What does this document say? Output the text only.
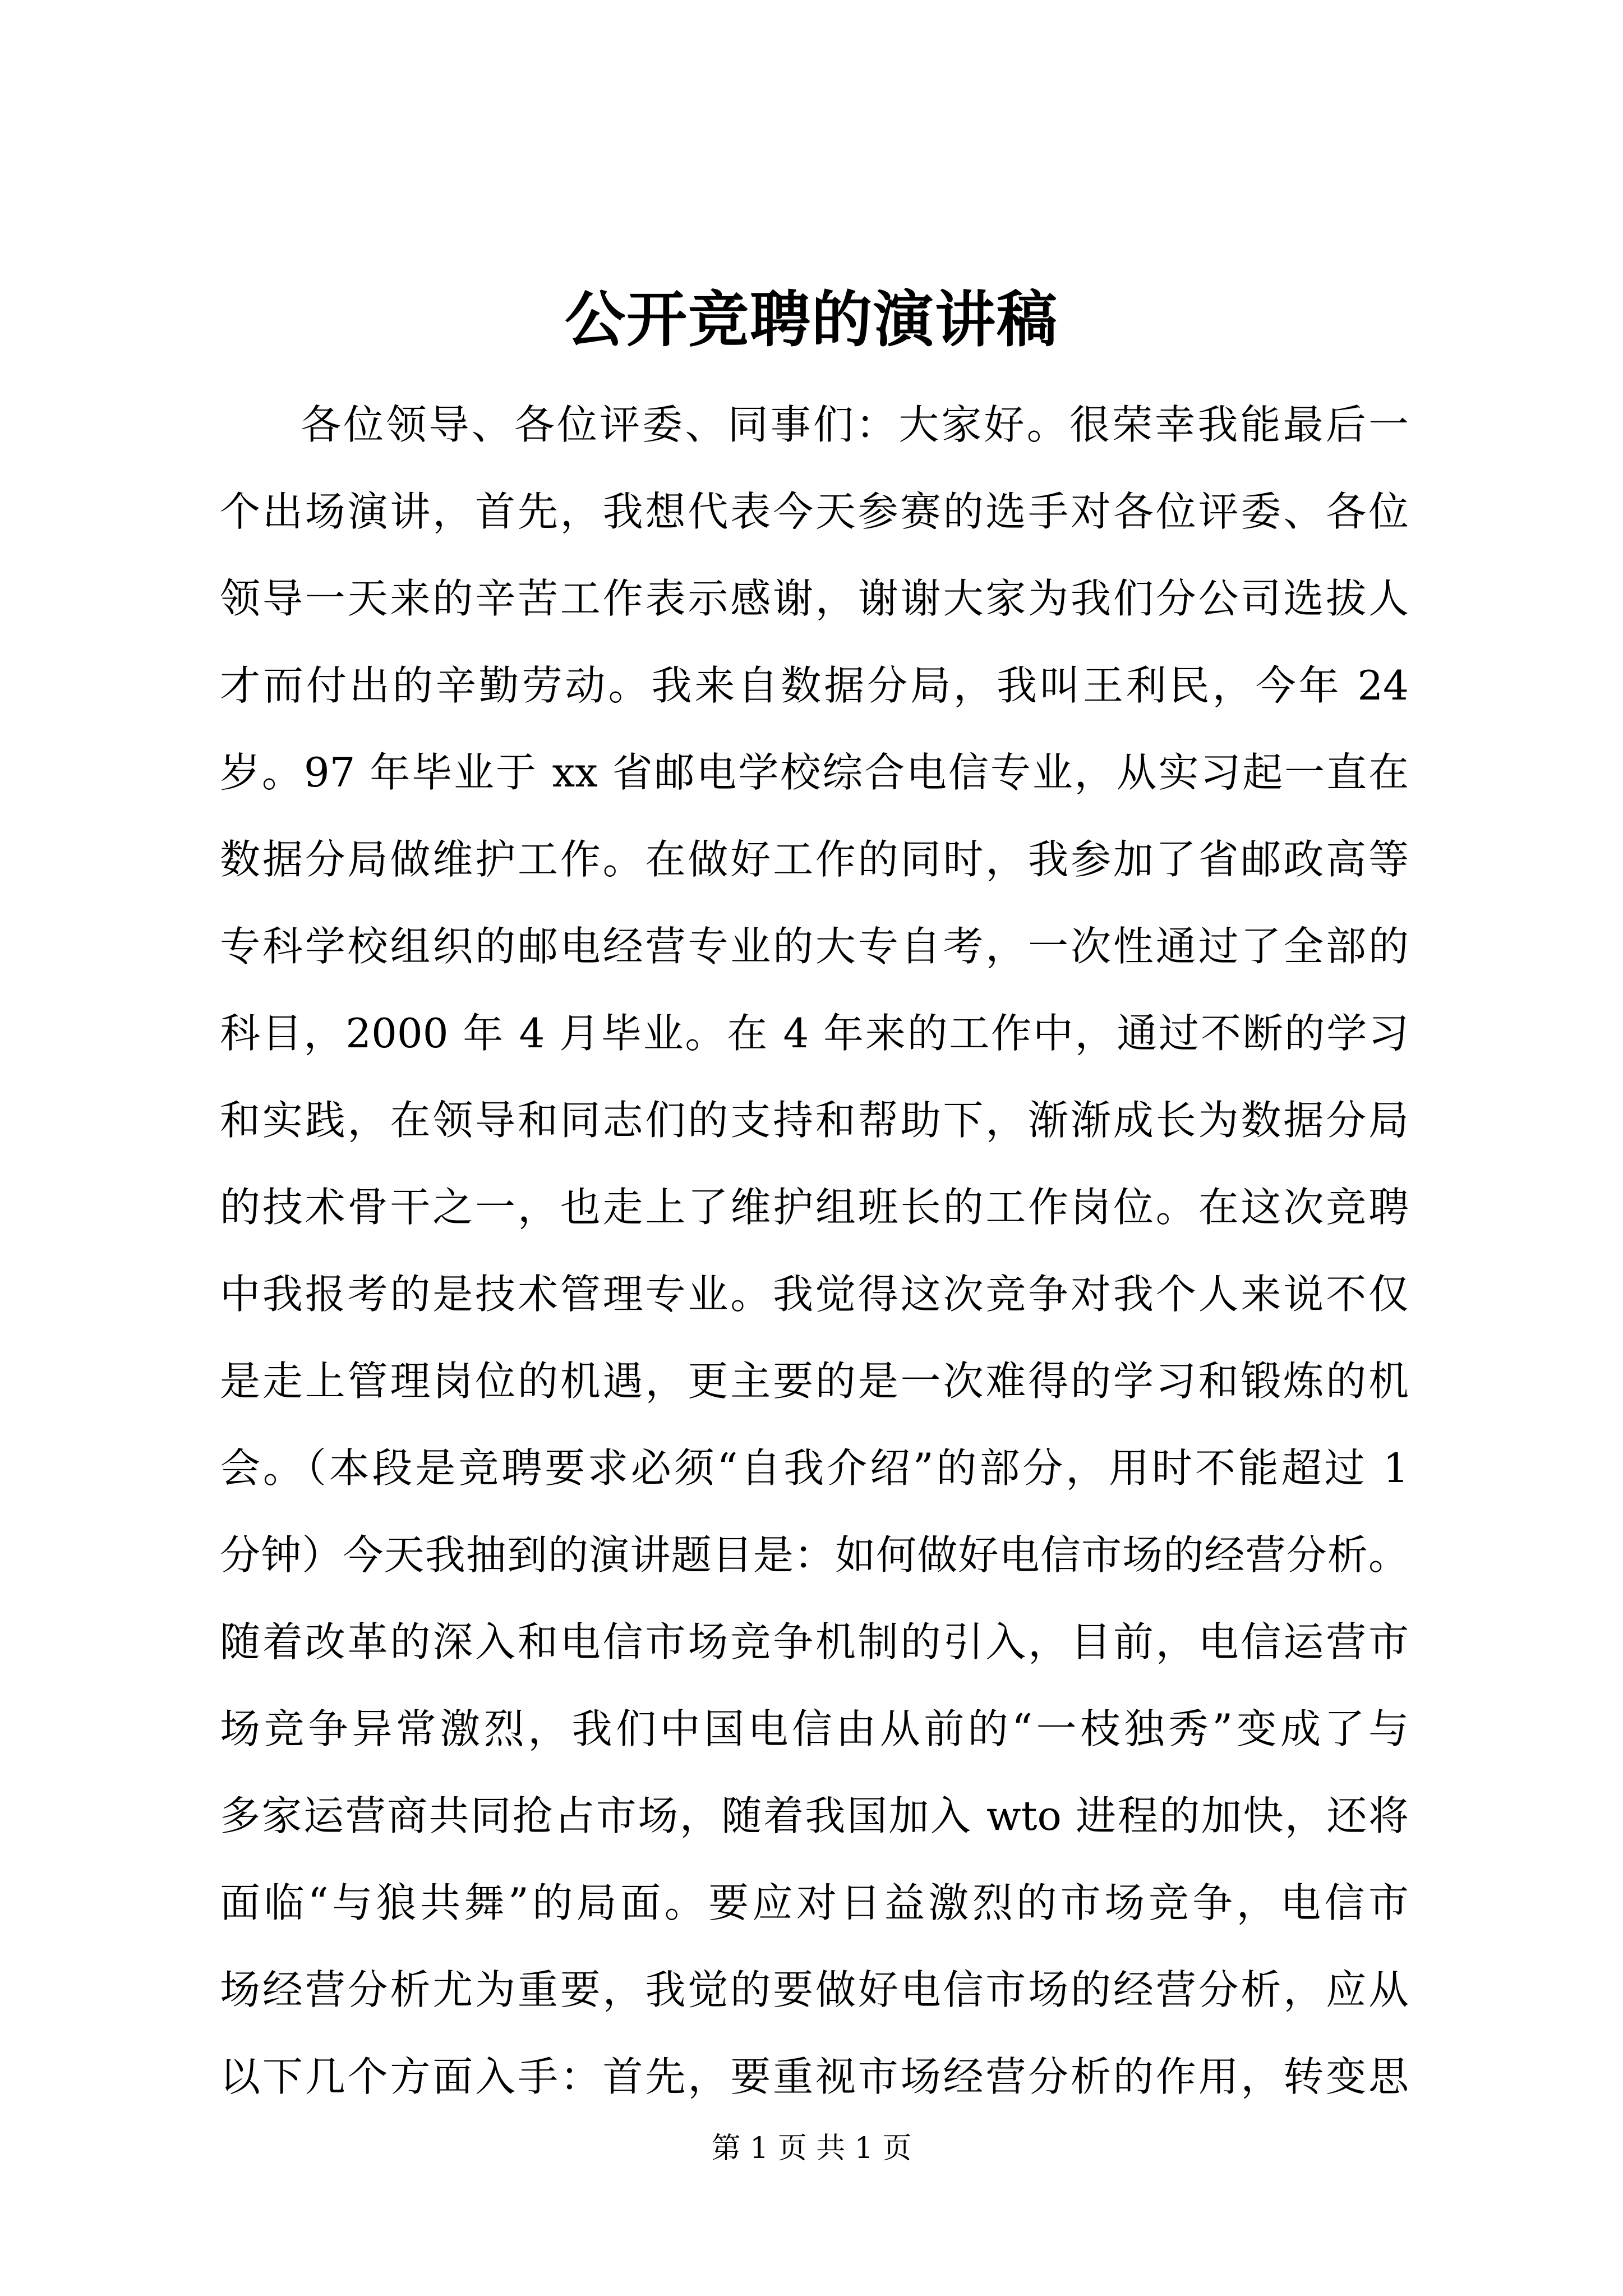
公开竞聘的演讲稿
各位领导、各位评委、同事们：大家好。很荣幸我能最后一
个出场演讲，首先，我想代表今天参赛的选手对各位评委、各位
领导一天来的辛苦工作表示感谢，谢谢大家为我们分公司选拔人
才而付出的辛勤劳动。我来自数据分局，我叫王利民，今年 24
岁。97 年毕业于 xx 省邮电学校综合电信专业，从实习起一直在
数据分局做维护工作。在做好工作的同时，我参加了省邮政高等
专科学校组织的邮电经营专业的大专自考，一次性通过了全部的
科目，2000 年 4 月毕业。在 4 年来的工作中，通过不断的学习
和实践，在领导和同志们的支持和帮助下，渐渐成长为数据分局
的技术骨干之一，也走上了维护组班长的工作岗位。在这次竞聘
中我报考的是技术管理专业。我觉得这次竞争对我个人来说不仅
是走上管理岗位的机遇，更主要的是一次难得的学习和锻炼的机
会。（本段是竞聘要求必须“自我介绍”的部分，用时不能超过 1
分钟）今天我抽到的演讲题目是：如何做好电信市场的经营分析。
随着改革的深入和电信市场竞争机制的引入，目前，电信运营市
场竞争异常激烈，我们中国电信由从前的“一枝独秀”变成了与
多家运营商共同抢占市场，随着我国加入 wto 进程的加快，还将
面临“与狼共舞”的局面。要应对日益激烈的市场竞争，电信市
场经营分析尤为重要，我觉的要做好电信市场的经营分析，应从
以下几个方面入手：首先，要重视市场经营分析的作用，转变思

第 1 页 共 1 页
